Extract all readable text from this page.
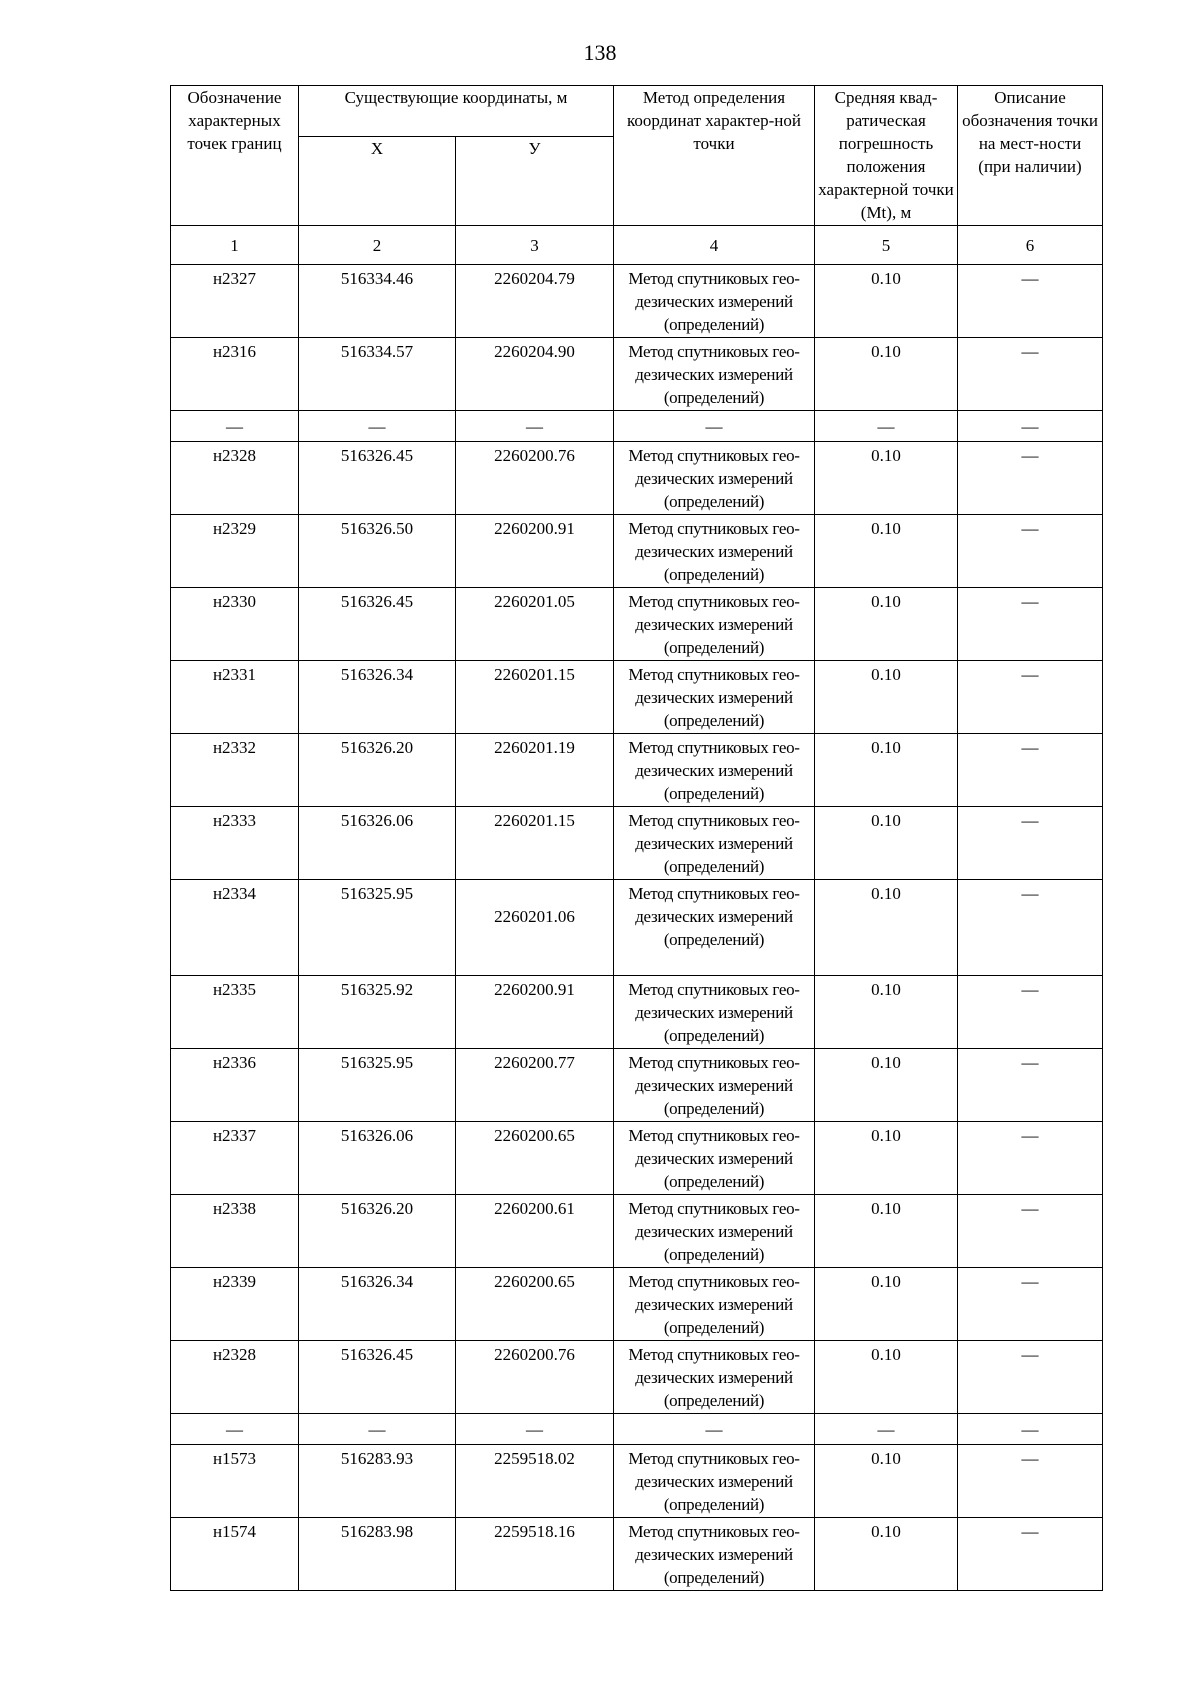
138
Обозначение характерных точек границ	Существующие координаты, м		Метод определения координат характер-ной точки	Средняя квад-ратическая погрешность положения характерной точки (Mt), м	Описание обозначения точки на мест-ности (при наличии)
	X	У			
1	2	3	4	5	6
н2327	516334.46	2260204.79	Метод спутниковых гео-дезических измерений (определений)	0.10	—
н2316	516334.57	2260204.90	Метод спутниковых гео-дезических измерений (определений)	0.10	—
—	—	—	—	—	—
н2328	516326.45	2260200.76	Метод спутниковых гео-дезических измерений (определений)	0.10	—
н2329	516326.50	2260200.91	Метод спутниковых гео-дезических измерений (определений)	0.10	—
н2330	516326.45	2260201.05	Метод спутниковых гео-дезических измерений (определений)	0.10	—
н2331	516326.34	2260201.15	Метод спутниковых гео-дезических измерений (определений)	0.10	—
н2332	516326.20	2260201.19	Метод спутниковых гео-дезических измерений (определений)	0.10	—
н2333	516326.06	2260201.15	Метод спутниковых гео-дезических измерений (определений)	0.10	—
н2334	516325.95	2260201.06	Метод спутниковых гео-дезических измерений (определений)	0.10	—
н2335	516325.92	2260200.91	Метод спутниковых гео-дезических измерений (определений)	0.10	—
н2336	516325.95	2260200.77	Метод спутниковых гео-дезических измерений (определений)	0.10	—
н2337	516326.06	2260200.65	Метод спутниковых гео-дезических измерений (определений)	0.10	—
н2338	516326.20	2260200.61	Метод спутниковых гео-дезических измерений (определений)	0.10	—
н2339	516326.34	2260200.65	Метод спутниковых гео-дезических измерений (определений)	0.10	—
н2328	516326.45	2260200.76	Метод спутниковых гео-дезических измерений (определений)	0.10	—
—	—	—	—	—	—
н1573	516283.93	2259518.02	Метод спутниковых гео-дезических измерений (определений)	0.10	—
н1574	516283.98	2259518.16	Метод спутниковых гео-дезических измерений (определений)	0.10	—
